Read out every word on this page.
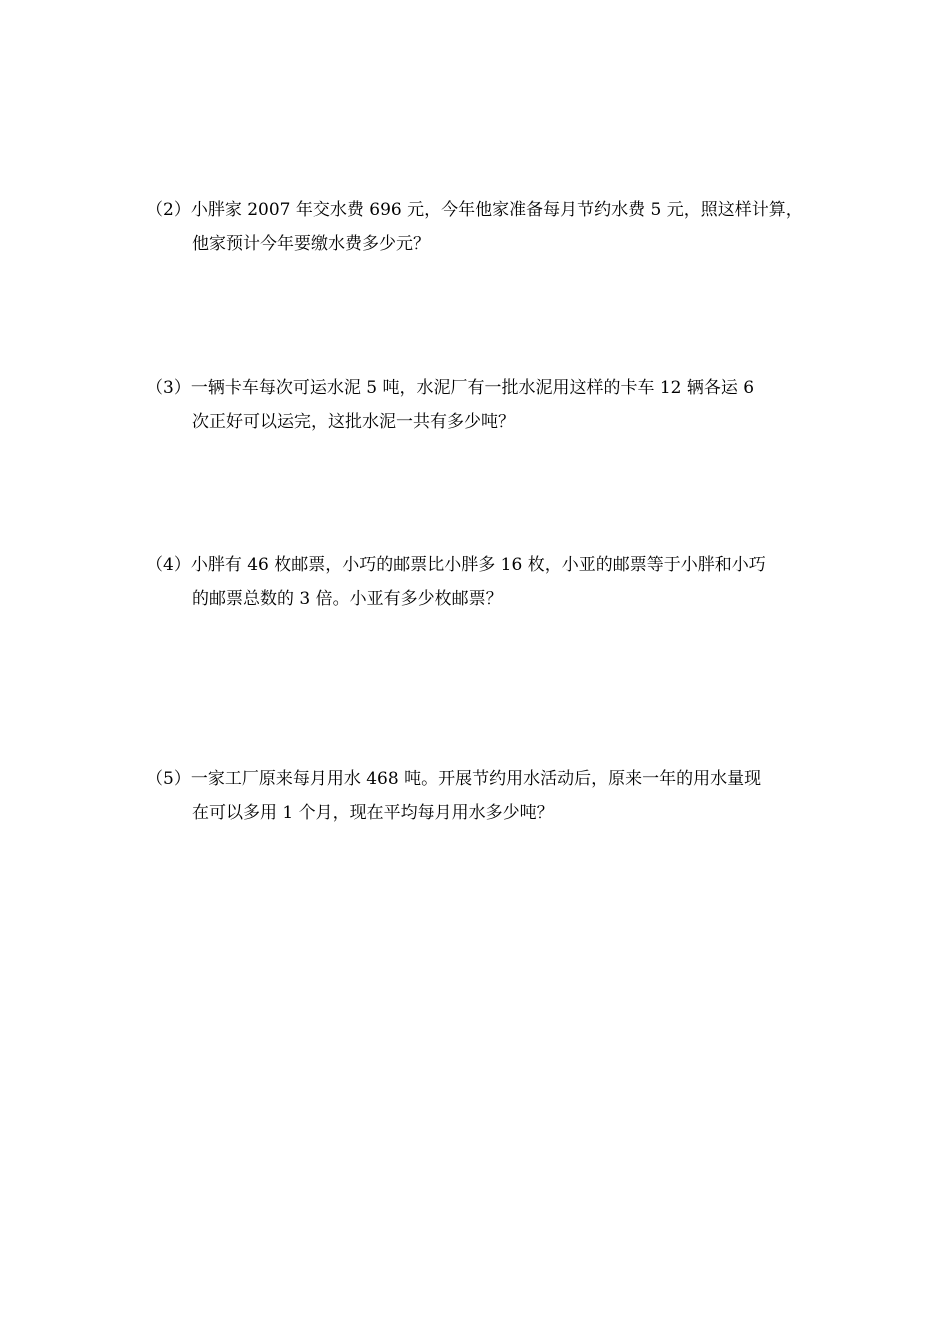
（2）小胖家 2007 年交水费 696 元，今年他家准备每月节约水费 5 元，照这样计算，
他家预计今年要缴水费多少元？
（3）一辆卡车每次可运水泥 5 吨，水泥厂有一批水泥用这样的卡车 12 辆各运 6
次正好可以运完，这批水泥一共有多少吨？
（4）小胖有 46 枚邮票，小巧的邮票比小胖多 16 枚，小亚的邮票等于小胖和小巧
的邮票总数的 3 倍。小亚有多少枚邮票？
（5）一家工厂原来每月用水 468 吨。开展节约用水活动后，原来一年的用水量现
在可以多用 1 个月，现在平均每月用水多少吨？
